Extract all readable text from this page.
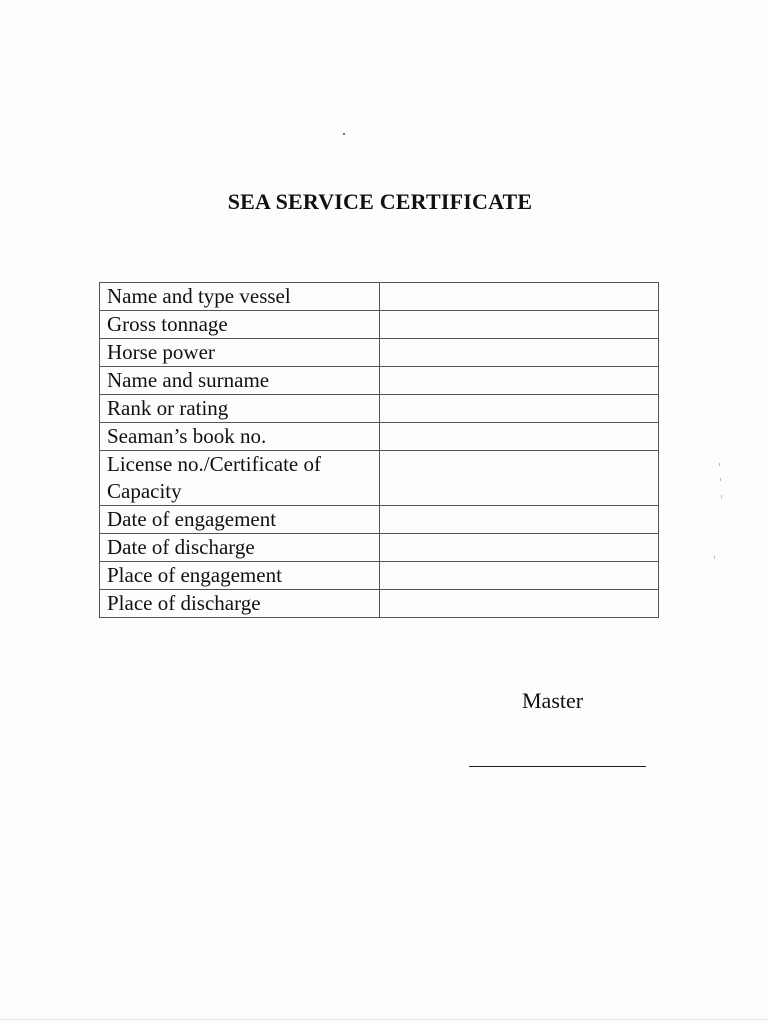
SEA SERVICE CERTIFICATE
Name and type vessel	
Gross tonnage	
Horse power	
Name and surname	
Rank or rating	
Seaman’s book no.	
License no./Certificate of Capacity	
Date of engagement	
Date of discharge	
Place of engagement	
Place of discharge	
Master
